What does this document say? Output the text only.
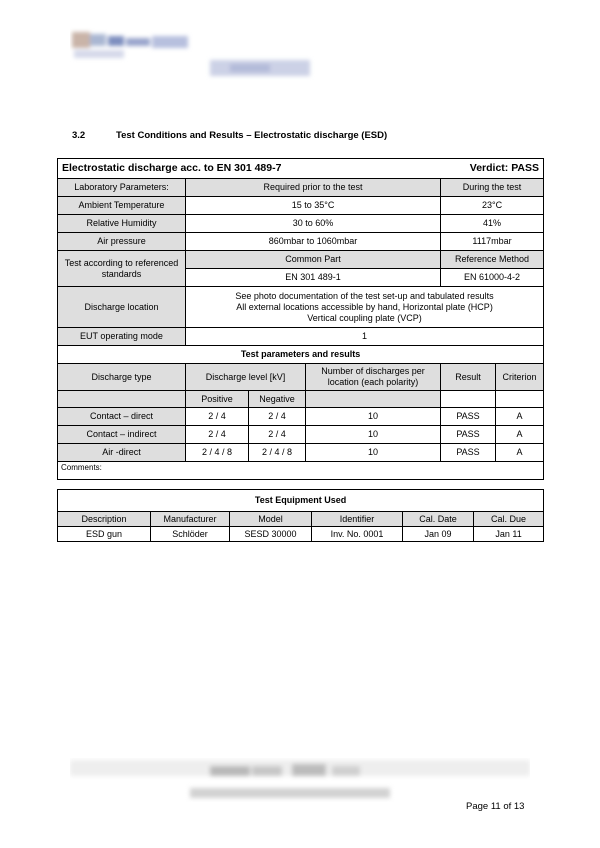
3.2	Test Conditions and Results – Electrostatic discharge (ESD)
Electrostatic discharge acc. to EN 301 489-7				Verdict: PASS	
Laboratory Parameters:	Required prior to the test			During the test	
Ambient Temperature	15 to 35°C			23°C	
Relative Humidity	30 to 60%			41%	
Air pressure	860mbar to 1060mbar			1117mbar	
Test according to referenced standards	Common Part			Reference Method	
	EN 301 489-1			EN 61000-4-2	
Discharge location	See photo documentation of the test set-up and tabulated results
All external locations accessible by hand, Horizontal plate (HCP)
Vertical coupling plate (VCP)				

EUT operating mode	1				
Test parameters and results					
Discharge type	Discharge level [kV]		Number of discharges per location (each polarity)	Result	Criterion
	Positive	Negative			
Contact – direct	2 / 4	2 / 4	10	PASS	A
Contact – indirect	2 / 4	2 / 4	10	PASS	A
Air -direct	2 / 4 / 8	2 / 4 / 8	10	PASS	A
Comments:					
Test Equipment Used					
Description	Manufacturer	Model	Identifier	Cal. Date	Cal. Due
ESD gun	Schlöder	SESD 30000	Inv. No. 0001	Jan 09	Jan 11
Page 11 of 13
